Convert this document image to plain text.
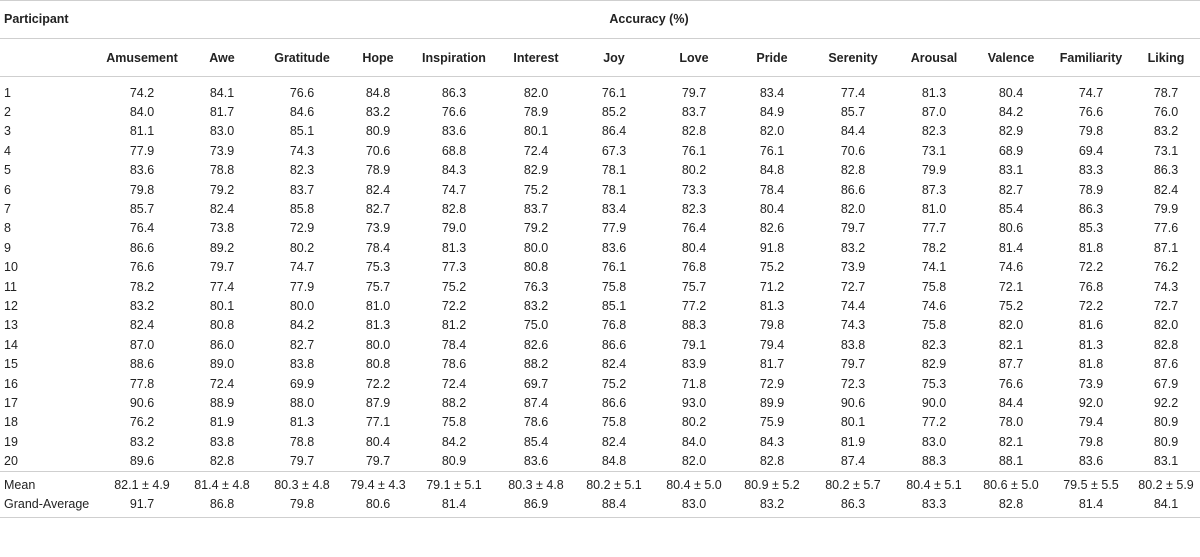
Participant	Accuracy (%)													
	Amusement	Awe	Gratitude	Hope	Inspiration	Interest	Joy	Love	Pride	Serenity	Arousal	Valence	Familiarity	Liking
1	74.2	84.1	76.6	84.8	86.3	82.0	76.1	79.7	83.4	77.4	81.3	80.4	74.7	78.7
2	84.0	81.7	84.6	83.2	76.6	78.9	85.2	83.7	84.9	85.7	87.0	84.2	76.6	76.0
3	81.1	83.0	85.1	80.9	83.6	80.1	86.4	82.8	82.0	84.4	82.3	82.9	79.8	83.2
4	77.9	73.9	74.3	70.6	68.8	72.4	67.3	76.1	76.1	70.6	73.1	68.9	69.4	73.1
5	83.6	78.8	82.3	78.9	84.3	82.9	78.1	80.2	84.8	82.8	79.9	83.1	83.3	86.3
6	79.8	79.2	83.7	82.4	74.7	75.2	78.1	73.3	78.4	86.6	87.3	82.7	78.9	82.4
7	85.7	82.4	85.8	82.7	82.8	83.7	83.4	82.3	80.4	82.0	81.0	85.4	86.3	79.9
8	76.4	73.8	72.9	73.9	79.0	79.2	77.9	76.4	82.6	79.7	77.7	80.6	85.3	77.6
9	86.6	89.2	80.2	78.4	81.3	80.0	83.6	80.4	91.8	83.2	78.2	81.4	81.8	87.1
10	76.6	79.7	74.7	75.3	77.3	80.8	76.1	76.8	75.2	73.9	74.1	74.6	72.2	76.2
11	78.2	77.4	77.9	75.7	75.2	76.3	75.8	75.7	71.2	72.7	75.8	72.1	76.8	74.3
12	83.2	80.1	80.0	81.0	72.2	83.2	85.1	77.2	81.3	74.4	74.6	75.2	72.2	72.7
13	82.4	80.8	84.2	81.3	81.2	75.0	76.8	88.3	79.8	74.3	75.8	82.0	81.6	82.0
14	87.0	86.0	82.7	80.0	78.4	82.6	86.6	79.1	79.4	83.8	82.3	82.1	81.3	82.8
15	88.6	89.0	83.8	80.8	78.6	88.2	82.4	83.9	81.7	79.7	82.9	87.7	81.8	87.6
16	77.8	72.4	69.9	72.2	72.4	69.7	75.2	71.8	72.9	72.3	75.3	76.6	73.9	67.9
17	90.6	88.9	88.0	87.9	88.2	87.4	86.6	93.0	89.9	90.6	90.0	84.4	92.0	92.2
18	76.2	81.9	81.3	77.1	75.8	78.6	75.8	80.2	75.9	80.1	77.2	78.0	79.4	80.9
19	83.2	83.8	78.8	80.4	84.2	85.4	82.4	84.0	84.3	81.9	83.0	82.1	79.8	80.9
20	89.6	82.8	79.7	79.7	80.9	83.6	84.8	82.0	82.8	87.4	88.3	88.1	83.6	83.1
Mean	82.1 ± 4.9	81.4 ± 4.8	80.3 ± 4.8	79.4 ± 4.3	79.1 ± 5.1	80.3 ± 4.8	80.2 ± 5.1	80.4 ± 5.0	80.9 ± 5.2	80.2 ± 5.7	80.4 ± 5.1	80.6 ± 5.0	79.5 ± 5.5	80.2 ± 5.9
Grand-Average	91.7	86.8	79.8	80.6	81.4	86.9	88.4	83.0	83.2	86.3	83.3	82.8	81.4	84.1
